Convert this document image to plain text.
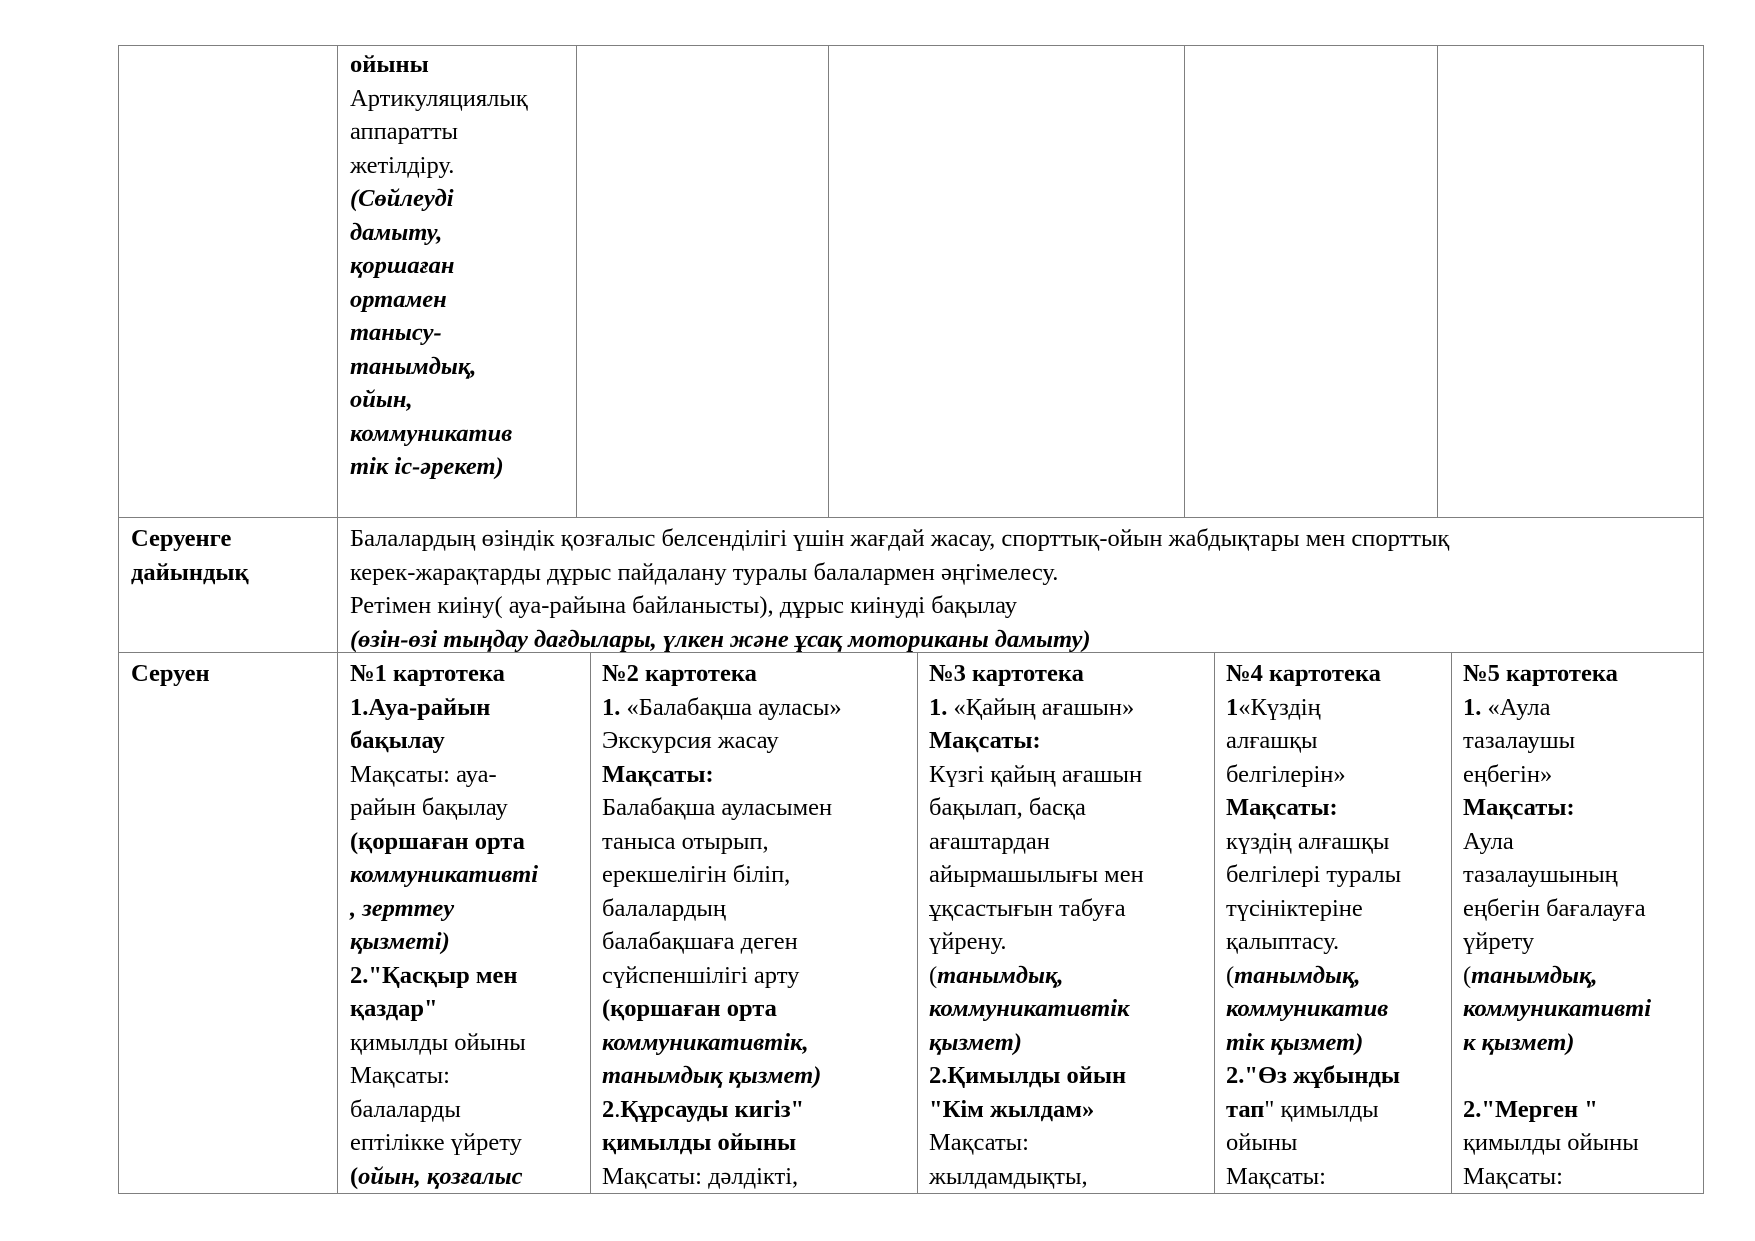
ойыны

Артикуляциялық

аппаратты

жетілдіру.

(Сөйлеуді

дамыту,

қоршаған

ортамен

танысу-

танымдық,

ойын,

коммуникатив

тік іс-әрекет)

Серуенге

дайындық

Балалардың өзіндік қозғалыс белсенділігі үшін жағдай жасау, спорттық-ойын жабдықтары мен спорттық

керек-жарақтарды дұрыс пайдалану туралы балалармен әңгімелесу.

Ретімен киіну( ауа-райына байланысты), дұрыс киінуді бақылау

(өзін-өзі тыңдау дағдылары, үлкен және ұсақ моториканы дамыту)

Серуен	№1 картотека

1.Ауа-райын

бақылау

Мақсаты: ауа-

райын бақылау

(қоршаған орта

коммуникативті

, зерттеу

қызметі)

2."Қасқыр мен

қаздар"

қимылды ойыны

Мақсаты:

балаларды

ептілікке үйрету

(ойын, қозғалыс

№2 картотека

1. «Балабақша ауласы»

Экскурсия жасау

Мақсаты:

Балабақша ауласымен

таныса отырып,

ерекшелігін біліп,

балалардың

балабақшаға деген

сүйспеншілігі арту

(қоршаған орта

коммуникативтік,

танымдық қызмет)

2.Құрсауды кигіз"

қимылды ойыны

Мақсаты: дәлдікті,

№3 картотека

1. «Қайың ағашын»

Мақсаты:

Күзгі қайың ағашын

бақылап, басқа

ағаштардан

айырмашылығы мен

ұқсастығын табуға

үйрену.

(танымдық,

коммуникативтік

қызмет)

2.Қимылды ойын

"Кім жылдам»

Мақсаты:

жылдамдықты,

№4 картотека

1«Күздің

алғашқы

белгілерін»

Мақсаты:

күздің алғашқы

белгілері туралы

түсініктеріне

қалыптасу.

(танымдық,

коммуникатив

тік қызмет)

2."Өз жұбынды

тап" қимылды

ойыны

Мақсаты:

№5 картотека

1. «Аула

тазалаушы

еңбегін»

Мақсаты:

Аула

тазалаушының

еңбегін бағалауға

үйрету

(танымдық,

коммуникативті

к қызмет)

2."Мерген "

қимылды ойыны

Мақсаты:
